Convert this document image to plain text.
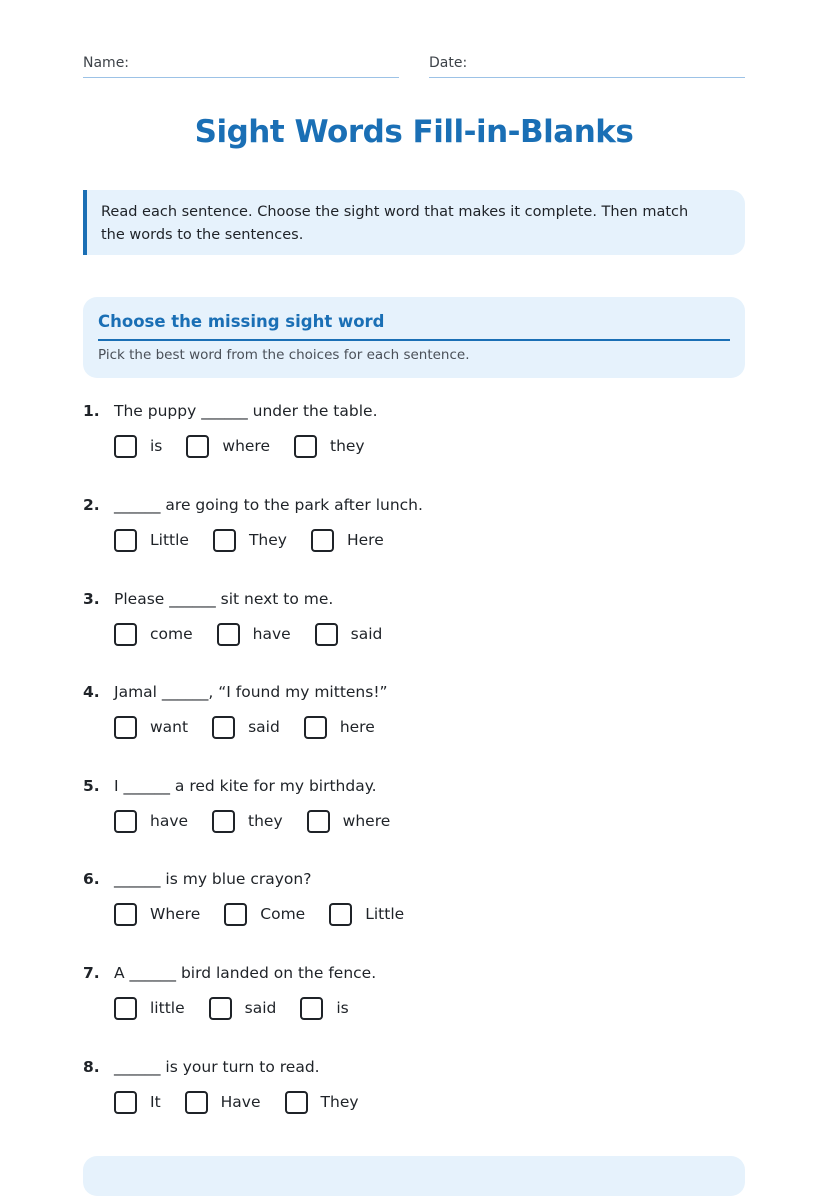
Name:	Date:
Sight Words Fill-in-Blanks
Read each sentence. Choose the sight word that makes it complete. Then match the words to the sentences.
Choose the missing sight word
Pick the best word from the choices for each sentence.
1. The puppy ______ under the table.
is	where	they
2. ______ are going to the park after lunch.
Little	They	Here
3. Please ______ sit next to me.
come	have	said
4. Jamal ______, “I found my mittens!”
want	said	here
5. I ______ a red kite for my birthday.
have	they	where
6. ______ is my blue crayon?
Where	Come	Little
7. A ______ bird landed on the fence.
little	said	is
8. ______ is your turn to read.
It	Have	They
